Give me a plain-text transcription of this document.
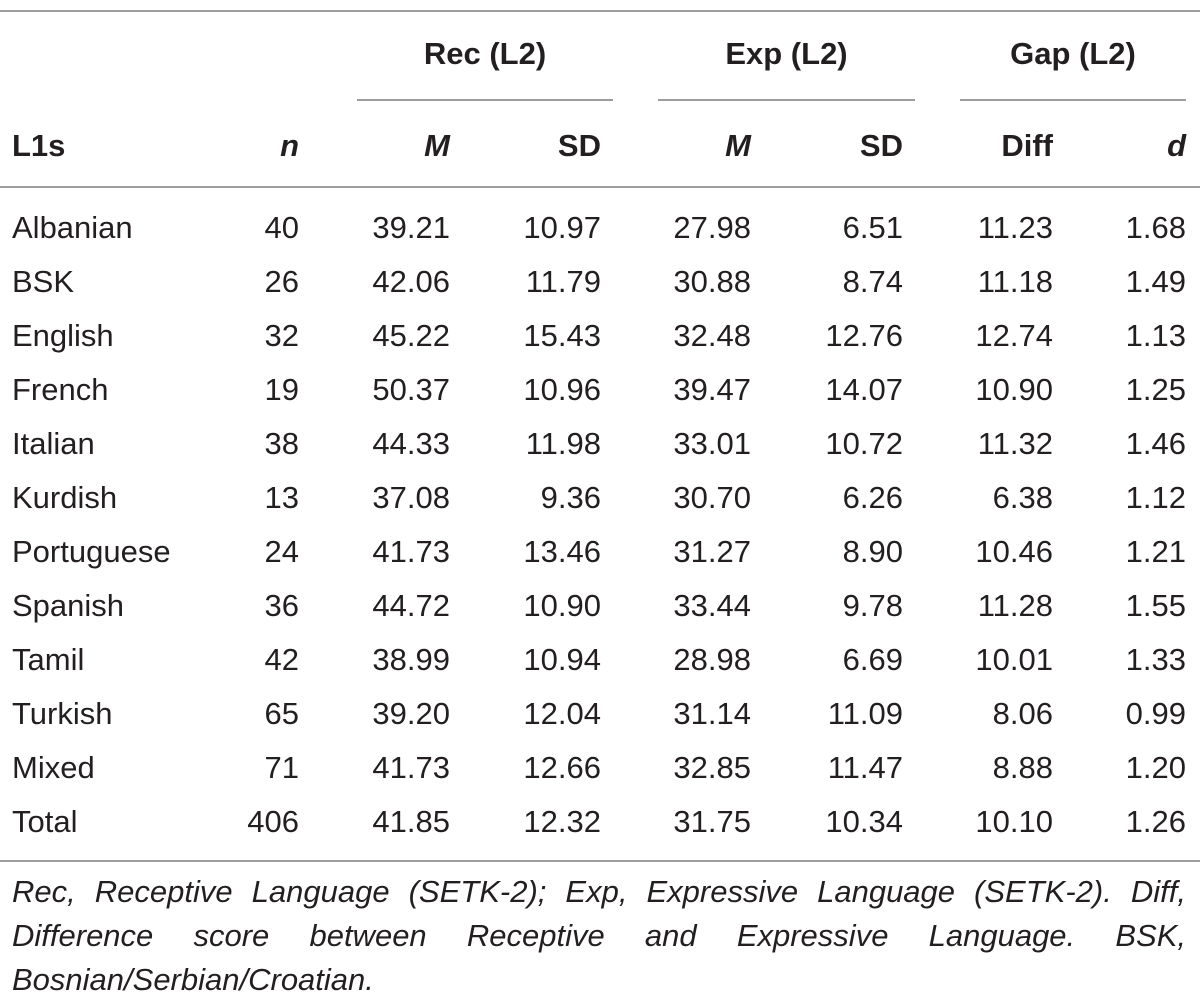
Rec (L2)	Exp (L2)	Gap (L2)
L1s	n	M	SD	M	SD	Diff	d
Albanian	40	39.21	10.97	27.98	6.51	11.23	1.68
BSK	26	42.06	11.79	30.88	8.74	11.18	1.49
English	32	45.22	15.43	32.48	12.76	12.74	1.13
French	19	50.37	10.96	39.47	14.07	10.90	1.25
Italian	38	44.33	11.98	33.01	10.72	11.32	1.46
Kurdish	13	37.08	9.36	30.70	6.26	6.38	1.12
Portuguese	24	41.73	13.46	31.27	8.90	10.46	1.21
Spanish	36	44.72	10.90	33.44	9.78	11.28	1.55
Tamil	42	38.99	10.94	28.98	6.69	10.01	1.33
Turkish	65	39.20	12.04	31.14	11.09	8.06	0.99
Mixed	71	41.73	12.66	32.85	11.47	8.88	1.20
Total	406	41.85	12.32	31.75	10.34	10.10	1.26
Rec, Receptive Language (SETK-2); Exp, Expressive Language (SETK-2). Diff, Difference score between Receptive and Expressive Language. BSK, Bosnian/Serbian/Croatian.
